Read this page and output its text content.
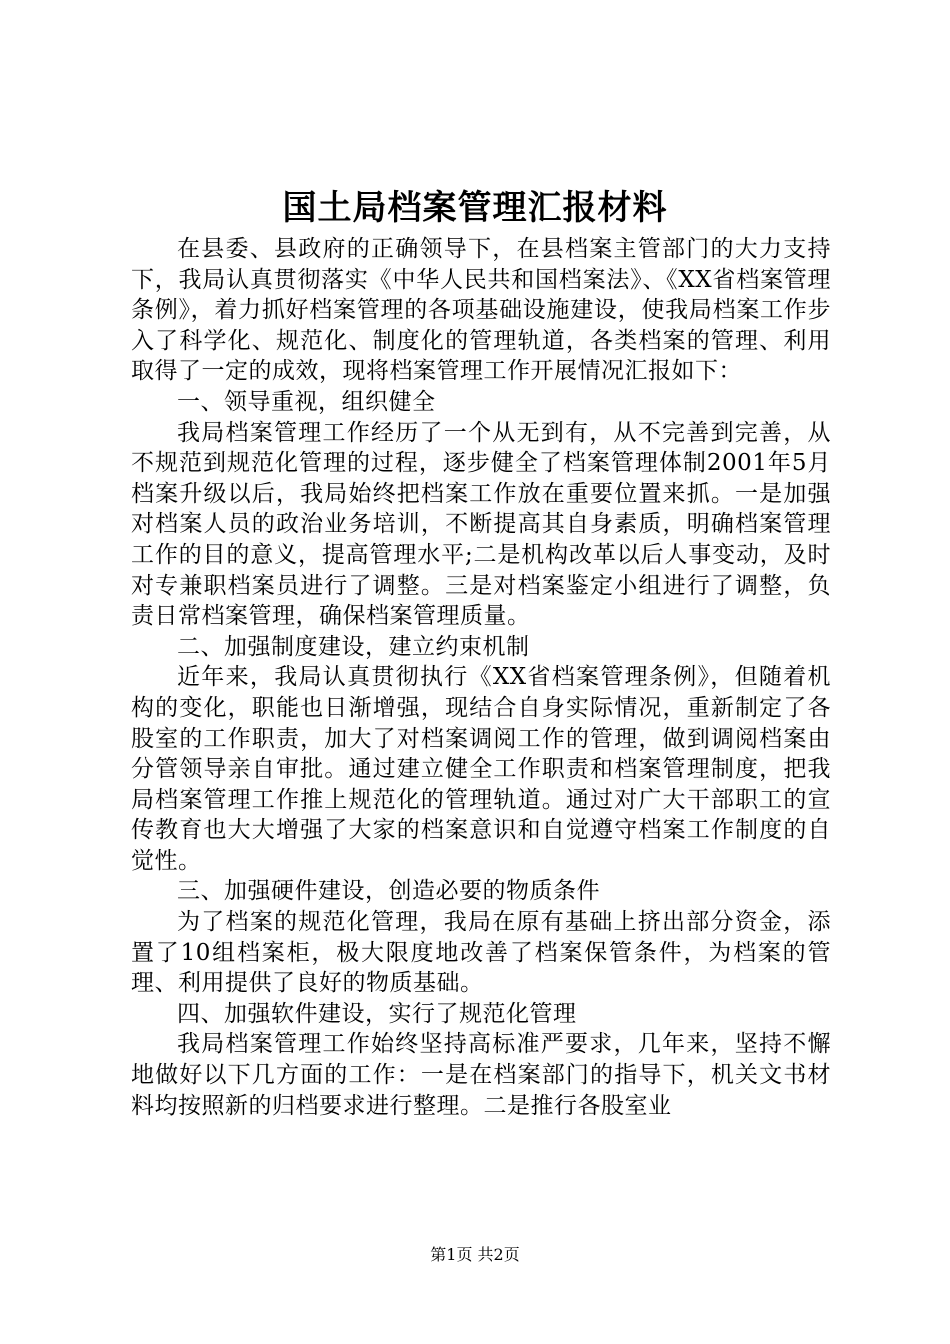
国土局档案管理汇报材料

在县委、县政府的正确领导下，在县档案主管部门的大力支持下，我局认真贯彻落实《中华人民共和国档案法》、《XX省档案管理条例》，着力抓好档案管理的各项基础设施建设，使我局档案工作步入了科学化、规范化、制度化的管理轨道，各类档案的管理、利用取得了一定的成效，现将档案管理工作开展情况汇报如下：

一、领导重视，组织健全

我局档案管理工作经历了一个从无到有，从不完善到完善，从不规范到规范化管理的过程，逐步健全了档案管理体制2001年5月档案升级以后，我局始终把档案工作放在重要位置来抓。一是加强对档案人员的政治业务培训，不断提高其自身素质，明确档案管理工作的目的意义，提高管理水平;二是机构改革以后人事变动，及时对专兼职档案员进行了调整。三是对档案鉴定小组进行了调整，负责日常档案管理，确保档案管理质量。

二、加强制度建设，建立约束机制

近年来，我局认真贯彻执行《XX省档案管理条例》，但随着机构的变化，职能也日渐增强，现结合自身实际情况，重新制定了各股室的工作职责，加大了对档案调阅工作的管理，做到调阅档案由分管领导亲自审批。通过建立健全工作职责和档案管理制度，把我局档案管理工作推上规范化的管理轨道。通过对广大干部职工的宣传教育也大大增强了大家的档案意识和自觉遵守档案工作制度的自觉性。

三、加强硬件建设，创造必要的物质条件

为了档案的规范化管理，我局在原有基础上挤出部分资金，添置了10组档案柜，极大限度地改善了档案保管条件，为档案的管理、利用提供了良好的物质基础。

四、加强软件建设，实行了规范化管理

我局档案管理工作始终坚持高标准严要求，几年来，坚持不懈地做好以下几方面的工作：一是在档案部门的指导下，机关文书材料均按照新的归档要求进行整理。二是推行各股室业

第1页 共2页
